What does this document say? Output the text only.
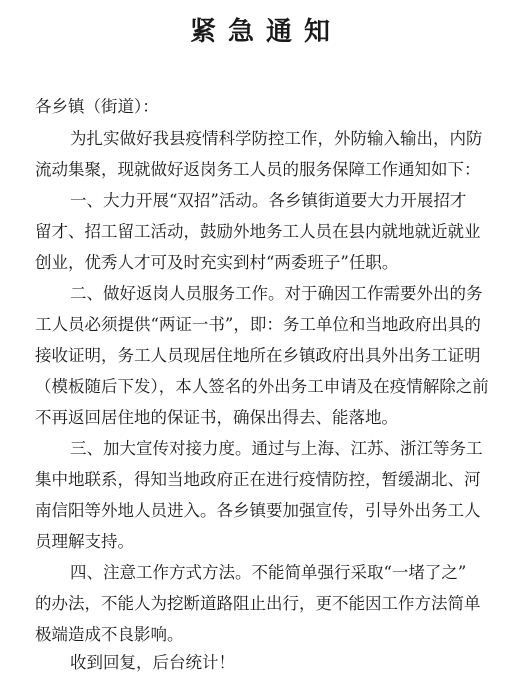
紧急通知
各乡镇（街道）：
为扎实做好我县疫情科学防控工作，外防输入输出，内防
流动集聚，现就做好返岗务工人员的服务保障工作通知如下：
一、大力开展“双招”活动。各乡镇街道要大力开展招才
留才、招工留工活动，鼓励外地务工人员在县内就地就近就业
创业，优秀人才可及时充实到村“两委班子”任职。
二、做好返岗人员服务工作。对于确因工作需要外出的务
工人员必须提供“两证一书”，即：务工单位和当地政府出具的
接收证明，务工人员现居住地所在乡镇政府出具外出务工证明
（模板随后下发），本人签名的外出务工申请及在疫情解除之前
不再返回居住地的保证书，确保出得去、能落地。
三、加大宣传对接力度。通过与上海、江苏、浙江等务工
集中地联系，得知当地政府正在进行疫情防控，暂缓湖北、河
南信阳等外地人员进入。各乡镇要加强宣传，引导外出务工人
员理解支持。
四、注意工作方式方法。不能简单强行采取“一堵了之”
的办法，不能人为挖断道路阻止出行，更不能因工作方法简单
极端造成不良影响。
收到回复，后台统计！
